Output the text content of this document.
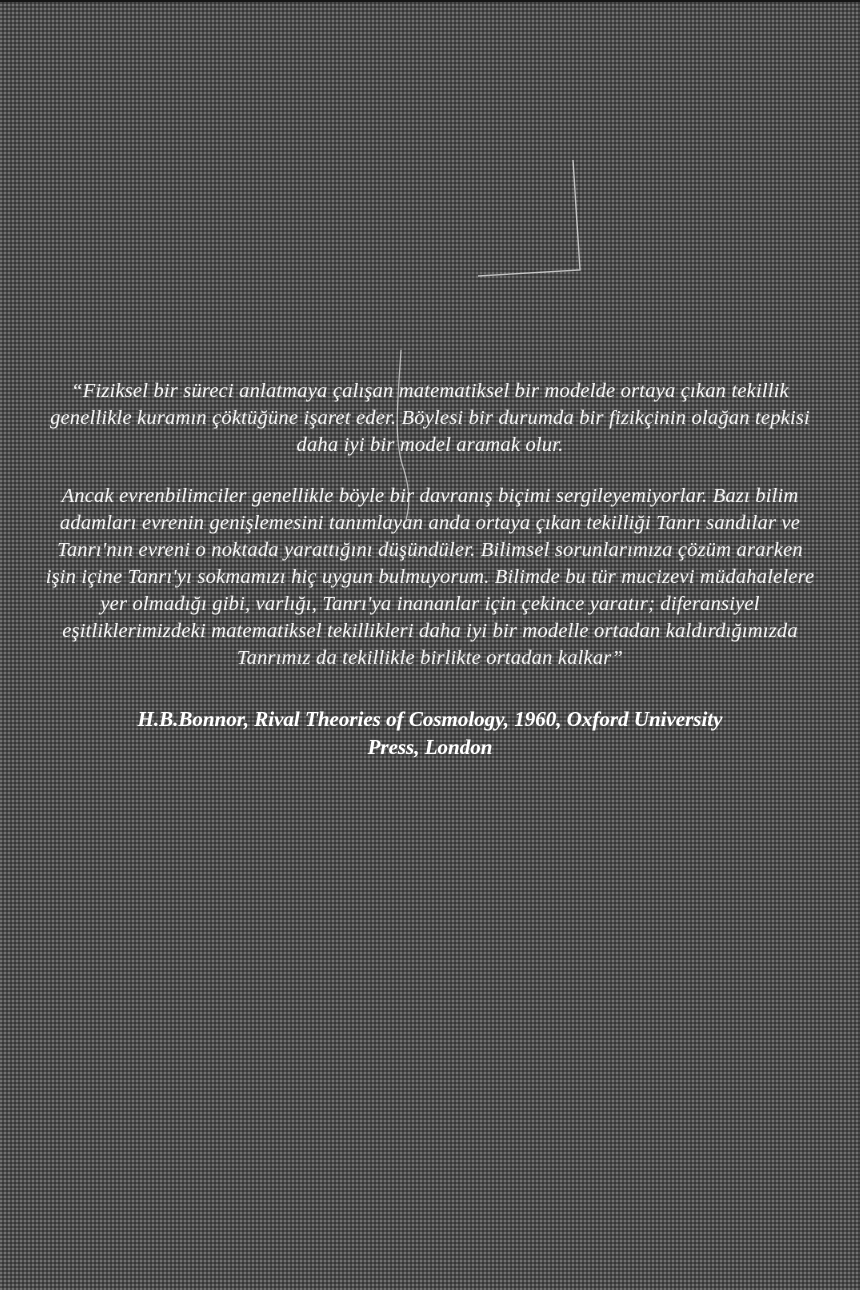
“Fiziksel bir süreci anlatmaya çalışan matematiksel bir modelde ortaya çıkan tekillik genellikle kuramın çöktüğüne işaret eder. Böylesi bir durumda bir fizikçinin olağan tepkisi daha iyi bir model aramak olur.

Ancak evrenbilimciler genellikle böyle bir davranış biçimi sergileyemiyorlar. Bazı bilim adamları evrenin genişlemesini tanımlayan anda ortaya çıkan tekilliği Tanrı sandılar ve Tanrı'nın evreni o noktada yarattığını düşündüler. Bilimsel sorunlarımıza çözüm ararken işin içine Tanrı'yı sokmamızı hiç uygun bulmuyorum. Bilimde bu tür mucizevi müdahalelere yer olmadığı gibi, varlığı, Tanrı'ya inananlar için çekince yaratır; diferansiyel eşitliklerimizdeki matematiksel tekillikleri daha iyi bir modelle ortadan kaldırdığımızda Tanrımız da tekillikle birlikte ortadan kalkar”

H.B.Bonnor, Rival Theories of Cosmology, 1960, Oxford University
Press, London
